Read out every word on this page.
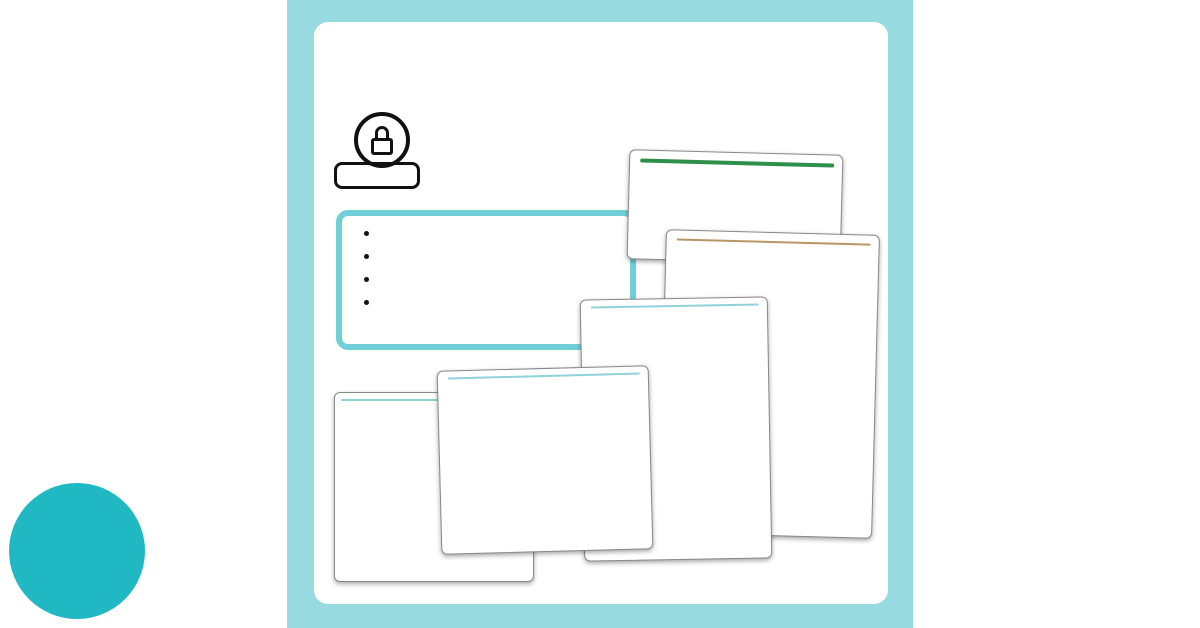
•
•
•
•
